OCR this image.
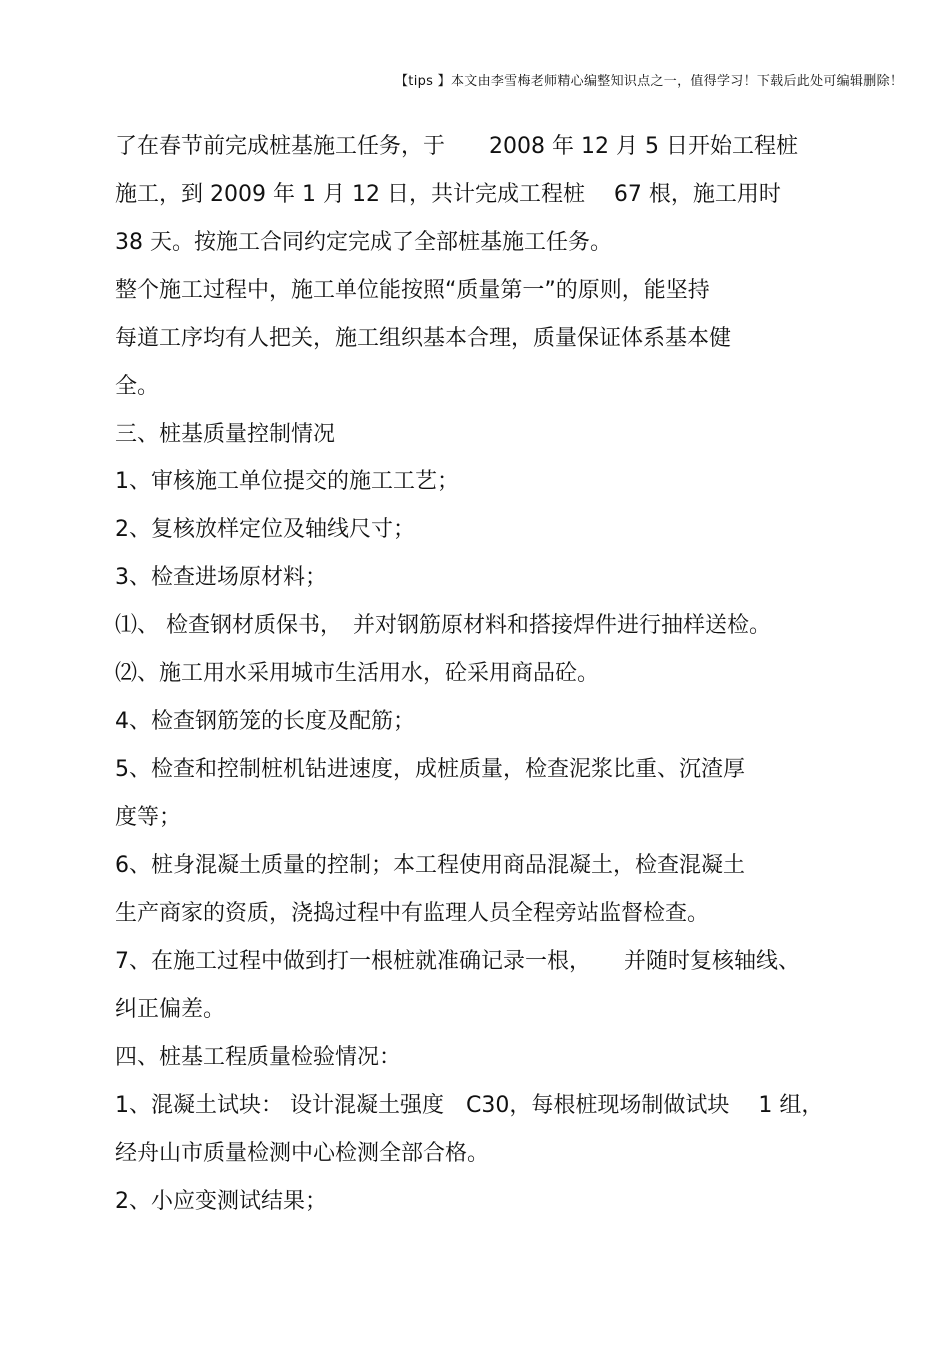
【tips 】本文由李雪梅老师精心编整知识点之一，值得学习！下载后此处可编辑删除！
了在春节前完成桩基施工任务，于　　2008 年 12 月 5 日开始工程桩
施工，到 2009 年 1 月 12 日，共计完成工程桩　 67 根，施工用时
38 天。按施工合同约定完成了全部桩基施工任务。
整个施工过程中，施工单位能按照“质量第一”的原则，能坚持
每道工序均有人把关，施工组织基本合理，质量保证体系基本健
全。
三、桩基质量控制情况
1、审核施工单位提交的施工工艺；
2、复核放样定位及轴线尺寸；
3、检查进场原材料；
⑴、 检查钢材质保书，　并对钢筋原材料和搭接焊件进行抽样送检。
⑵、施工用水采用城市生活用水，砼采用商品砼。
4、检查钢筋笼的长度及配筋；
5、检查和控制桩机钻进速度，成桩质量，检查泥浆比重、沉渣厚
度等；
6、桩身混凝土质量的控制；本工程使用商品混凝土，检查混凝土
生产商家的资质，浇捣过程中有监理人员全程旁站监督检查。
7、在施工过程中做到打一根桩就准确记录一根，　　并随时复核轴线、
纠正偏差。
四、桩基工程质量检验情况：
1、混凝土试块： 设计混凝土强度　C30，每根桩现场制做试块　 1 组，
经舟山市质量检测中心检测全部合格。
2、小应变测试结果；
